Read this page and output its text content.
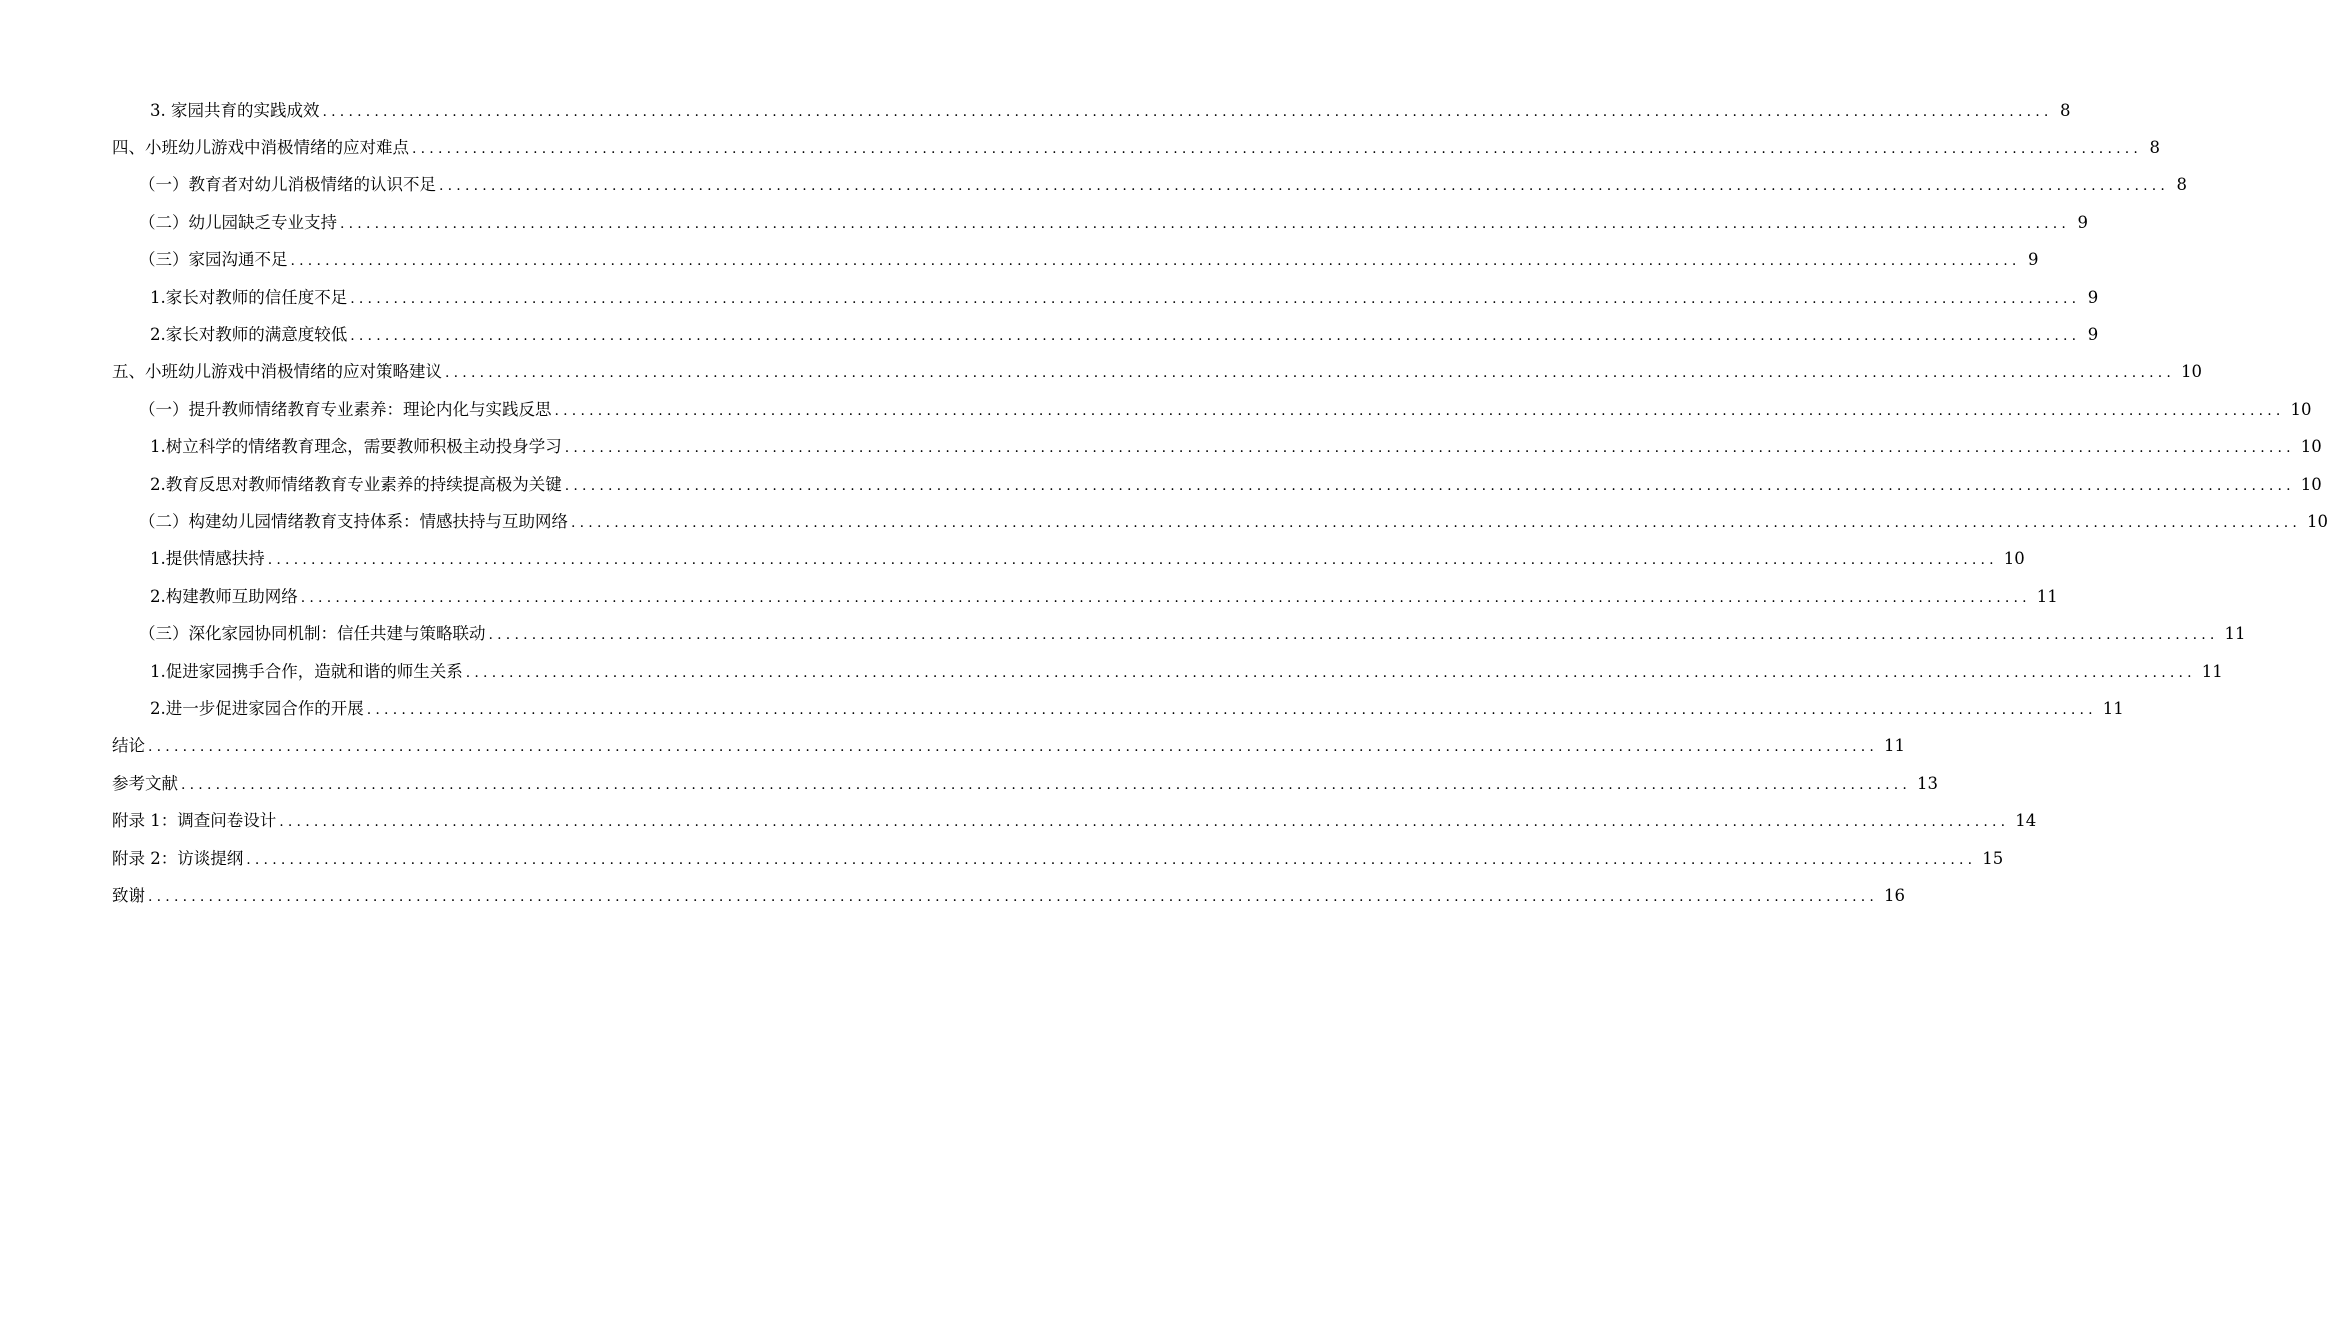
3. 家园共育的实践成效 ........................................................................................................................................................................................................ 8
四、小班幼儿游戏中消极情绪的应对难点 ........................................................................................................................................................................................................ 8
（一）教育者对幼儿消极情绪的认识不足 ........................................................................................................................................................................................................ 8
（二）幼儿园缺乏专业支持 ........................................................................................................................................................................................................ 9
（三）家园沟通不足 ........................................................................................................................................................................................................ 9
1.家长对教师的信任度不足 ........................................................................................................................................................................................................ 9
2.家长对教师的满意度较低 ........................................................................................................................................................................................................ 9
五、小班幼儿游戏中消极情绪的应对策略建议 ........................................................................................................................................................................................................ 10
（一）提升教师情绪教育专业素养：理论内化与实践反思 ........................................................................................................................................................................................................ 10
1.树立科学的情绪教育理念，需要教师积极主动投身学习 ........................................................................................................................................................................................................ 10
2.教育反思对教师情绪教育专业素养的持续提高极为关键 ........................................................................................................................................................................................................ 10
（二）构建幼儿园情绪教育支持体系：情感扶持与互助网络 ........................................................................................................................................................................................................ 10
1.提供情感扶持 ........................................................................................................................................................................................................ 10
2.构建教师互助网络 ........................................................................................................................................................................................................ 11
（三）深化家园协同机制：信任共建与策略联动 ........................................................................................................................................................................................................ 11
1.促进家园携手合作，造就和谐的师生关系 ........................................................................................................................................................................................................ 11
2.进一步促进家园合作的开展 ........................................................................................................................................................................................................ 11
结论 ........................................................................................................................................................................................................ 11
参考文献 ........................................................................................................................................................................................................ 13
附录 1：调查问卷设计 ........................................................................................................................................................................................................ 14
附录 2：访谈提纲 ........................................................................................................................................................................................................ 15
致谢 ........................................................................................................................................................................................................ 16
